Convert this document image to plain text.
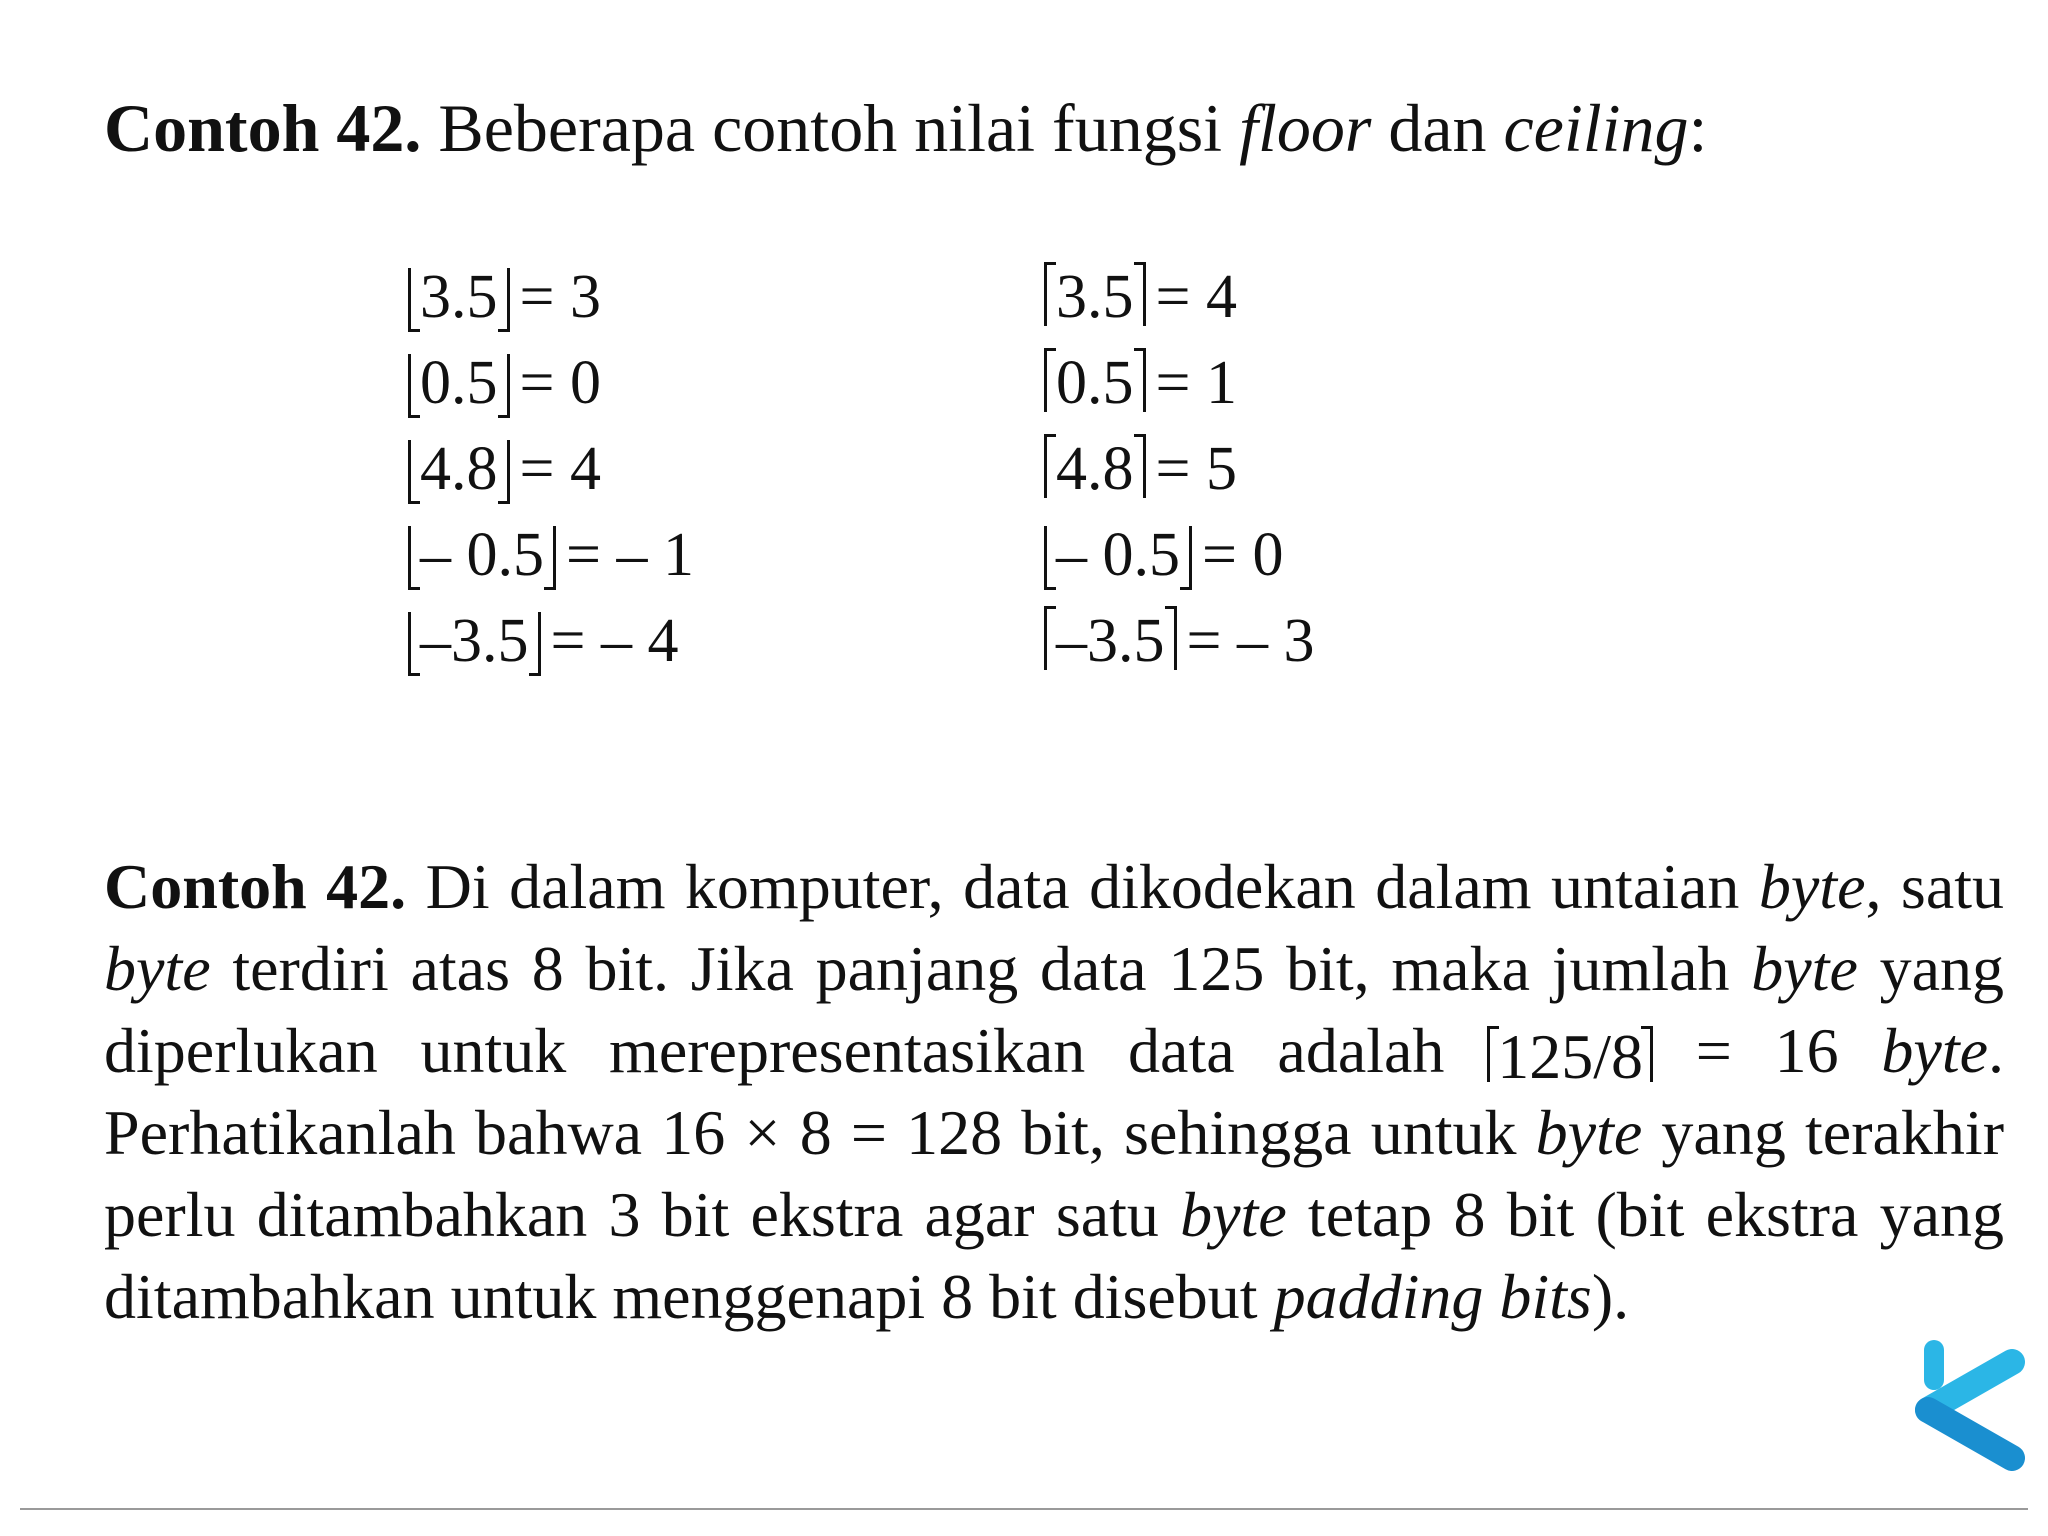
Contoh 42. Beberapa contoh nilai fungsi floor dan ceiling:
3.5 = 3
0.5 = 0
4.8 = 4
– 0.5 = – 1
–3.5 = – 4
3.5 = 4
0.5 = 1
4.8 = 5
– 0.5 = 0
–3.5 = – 3
Contoh 42. Di dalam komputer, data dikodekan dalam untaian byte, satu byte terdiri atas 8 bit. Jika panjang data 125 bit, maka jumlah byte yang diperlukan untuk merepresentasikan data adalah 125/8 = 16 byte. Perhatikanlah bahwa 16 × 8 = 128 bit, sehingga untuk byte yang terakhir perlu ditambahkan 3 bit ekstra agar satu byte tetap 8 bit (bit ekstra yang ditambahkan untuk menggenapi 8 bit disebut padding bits).
